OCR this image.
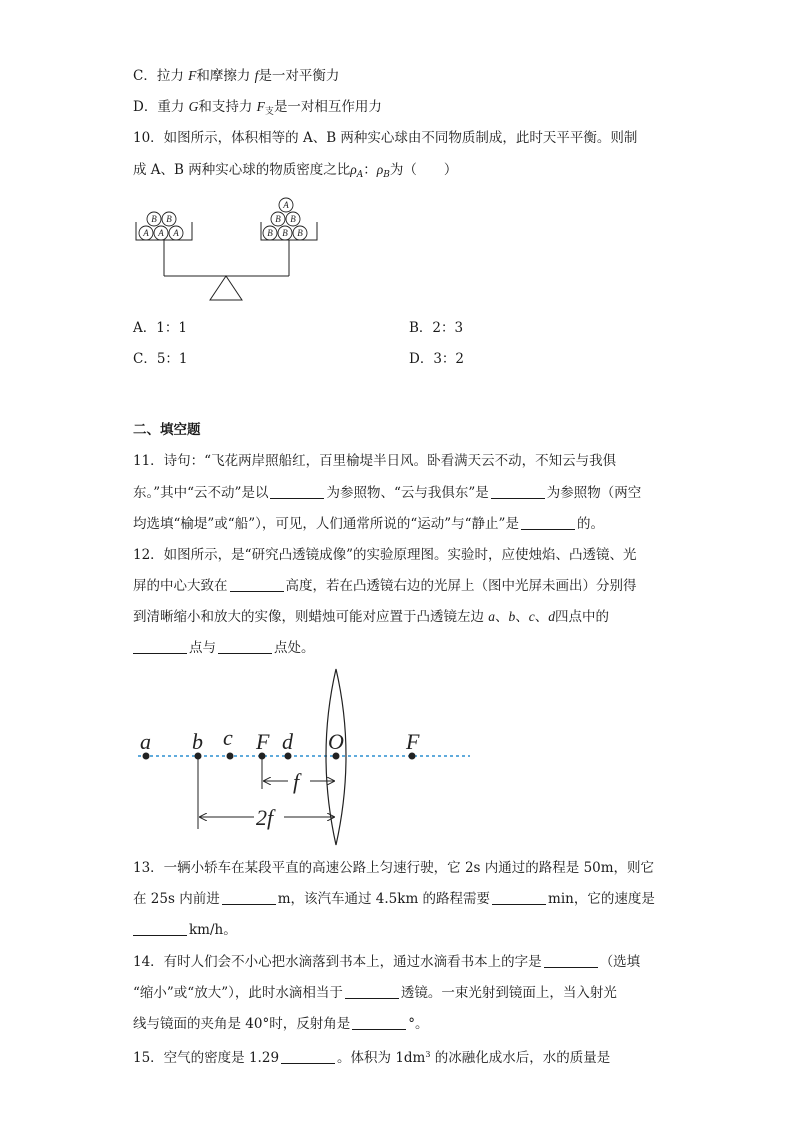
C．拉力 F和摩擦力 f是一对平衡力
D．重力 G和支持力 $F_支$是一对相互作用力
10．如图所示，体积相等的 A、B 两种实心球由不同物质制成，此时天平平衡。则制
成 A、B 两种实心球的物质密度之比$\rho_A$：$\rho_B$为（　　）
A A A
B B
B B B
B B
A
A．1：1	B．2：3
C．5：1	D．3：2
二、填空题
11．诗句：“飞花两岸照船红，百里榆堤半日风。卧看满天云不动，不知云与我俱
东。”其中“云不动”是以	为参照物、“云与我俱东”是	为参照物（两空
均选填“榆堤”或“船”），可见，人们通常所说的“运动”与“静止”是	的。
12．如图所示，是“研究凸透镜成像”的实验原理图。实验时，应使烛焰、凸透镜、光
屏的中心大致在	高度，若在凸透镜右边的光屏上（图中光屏未画出）分别得
到清晰缩小和放大的实像，则蜡烛可能对应置于凸透镜左边 a、b、c、d四点中的
点与	点处。
a b c F d O	F
f
2f
13．一辆小轿车在某段平直的高速公路上匀速行驶，它 2s 内通过的路程是 50m，则它
在 25s 内前进	m，该汽车通过 4.5km 的路程需要	min，它的速度是
km/h。
14．有时人们会不小心把水滴落到书本上，通过水滴看书本上的字是	（选填
“缩小”或“放大”），此时水滴相当于	透镜。一束光射到镜面上，当入射光
线与镜面的夹角是 40°时，反射角是	°。
15．空气的密度是 1.29	。体积为 $1dm^3$ 的冰融化成水后，水的质量是
